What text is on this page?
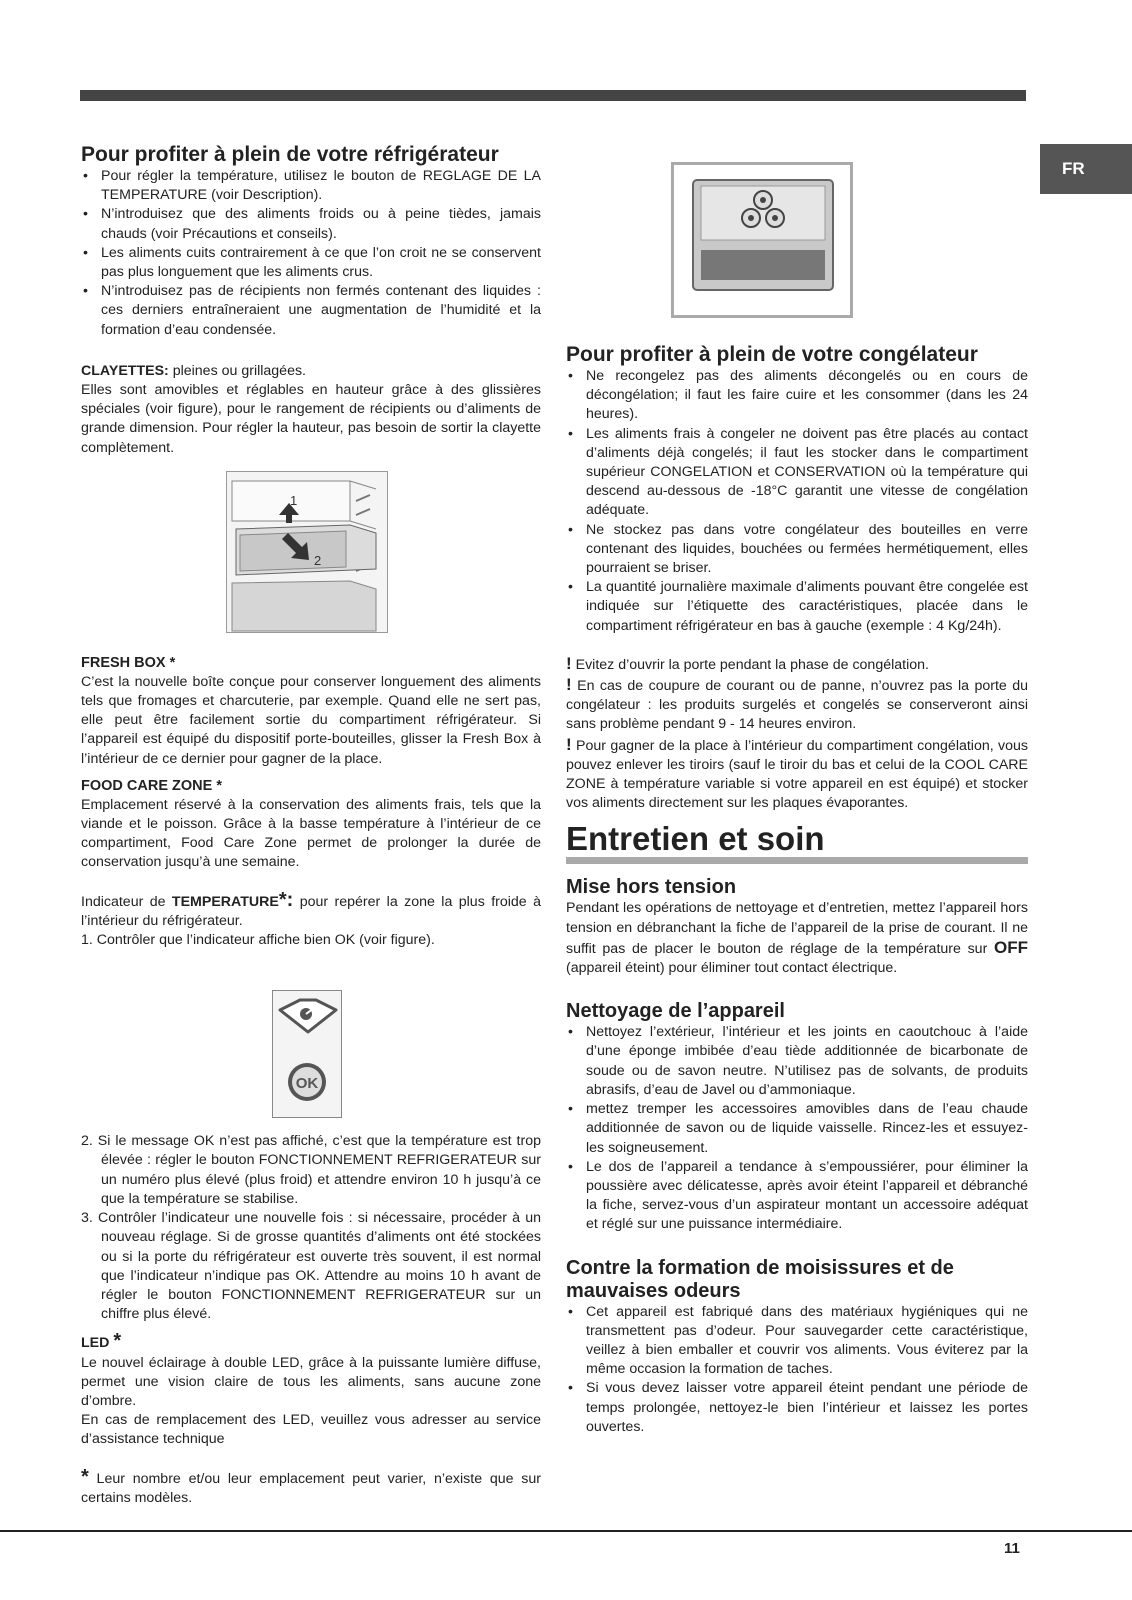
FR
Pour profiter à plein de votre réfrigérateur
• Pour régler la température, utilisez le bouton de REGLAGE DE LA TEMPERATURE (voir Description).
• N’introduisez que des aliments froids ou à peine tièdes, jamais chauds (voir Précautions et conseils).
• Les aliments cuits contrairement à ce que l’on croit ne se conservent pas plus longuement que les aliments crus.
• N’introduisez pas de récipients non fermés contenant des liquides : ces derniers entraîneraient une augmentation de l’humidité et la formation d’eau condensée.

CLAYETTES: pleines ou grillagées.

Elles sont amovibles et réglables en hauteur grâce à des glissières spéciales (voir figure), pour le rangement de récipients ou d’aliments de grande dimension. Pour régler la hauteur, pas besoin de sortir la clayette complètement.

FRESH BOX *

C’est la nouvelle boîte conçue pour conserver longuement des aliments tels que fromages et charcuterie, par exemple. Quand elle ne sert pas, elle peut être facilement sortie du compartiment réfrigérateur. Si l’appareil est équipé du dispositif porte-bouteilles, glisser la Fresh Box à l’intérieur de ce dernier pour gagner de la place.

FOOD CARE ZONE *

Emplacement réservé à la conservation des aliments frais, tels que la viande et le poisson. Grâce à la basse température à l’intérieur de ce compartiment, Food Care Zone permet de prolonger la durée de conservation jusqu’à une semaine.

Indicateur de TEMPERATURE*: pour repérer la zone la plus froide à l’intérieur du réfrigérateur.

1. Contrôler que l’indicateur affiche bien OK (voir figure).

2. Si le message OK n’est pas affiché, c’est que la température est trop élevée : régler le bouton FONCTIONNEMENT REFRIGERATEUR sur un numéro plus élevé (plus froid) et attendre environ 10 h jusqu’à ce que la température se stabilise.
3. Contrôler l’indicateur une nouvelle fois : si nécessaire, procéder à un nouveau réglage. Si de grosse quantités d’aliments ont été stockées ou si la porte du réfrigérateur est ouverte très souvent, il est normal que l’indicateur n’indique pas OK. Attendre au moins 10 h avant de régler le bouton FONCTIONNEMENT REFRIGERATEUR sur un chiffre plus élevé.

LED *

Le nouvel éclairage à double LED, grâce à la puissante lumière diffuse, permet une vision claire de tous les aliments, sans aucune zone d’ombre.

En cas de remplacement des LED, veuillez vous adresser au service d’assistance technique

* Leur nombre et/ou leur emplacement peut varier, n’existe que sur certains modèles.

1
2
OK
Pour profiter à plein de votre congélateur
• Ne recongelez pas des aliments décongelés ou en cours de décongélation; il faut les faire cuire et les consommer (dans les 24 heures).
• Les aliments frais à congeler ne doivent pas être placés au contact d’aliments déjà congelés; il faut les stocker dans le compartiment supérieur CONGELATION et CONSERVATION où la température qui descend au-dessous de -18°C garantit une vitesse de congélation adéquate.
• Ne stockez pas dans votre congélateur des bouteilles en verre contenant des liquides, bouchées ou fermées hermétiquement, elles pourraient se briser.
• La quantité journalière maximale d’aliments pouvant être congelée est indiquée sur l’étiquette des caractéristiques, placée dans le compartiment réfrigérateur en bas à gauche (exemple : 4 Kg/24h).

! Evitez d’ouvrir la porte pendant la phase de congélation.

! En cas de coupure de courant ou de panne, n’ouvrez pas la porte du congélateur : les produits surgelés et congelés se conserveront ainsi sans problème pendant 9 - 14 heures environ.

! Pour gagner de la place à l’intérieur du compartiment congélation, vous pouvez enlever les tiroirs (sauf le tiroir du bas et celui de la COOL CARE ZONE à température variable si votre appareil en est équipé) et stocker vos aliments directement sur les plaques évaporantes.

Entretien et soin
Mise hors tension

Pendant les opérations de nettoyage et d’entretien, mettez l’appareil hors tension en débranchant la fiche de l’appareil de la prise de courant. Il ne suffit pas de placer le bouton de réglage de la température sur OFF (appareil éteint) pour éliminer tout contact électrique.

Nettoyage de l’appareil
• Nettoyez l’extérieur, l’intérieur et les joints en caoutchouc à l’aide d’une éponge imbibée d’eau tiède additionnée de bicarbonate de soude ou de savon neutre. N’utilisez pas de solvants, de produits abrasifs, d’eau de Javel ou d’ammoniaque.
• mettez tremper les accessoires amovibles dans de l’eau chaude additionnée de savon ou de liquide vaisselle. Rincez-les et essuyez-les soigneusement.
• Le dos de l’appareil a tendance à s’empoussiérer, pour éliminer la poussière avec délicatesse, après avoir éteint l’appareil et débranché la fiche, servez-vous d’un aspirateur montant un accessoire adéquat et réglé sur une puissance intermédiaire.
Contre la formation de moisissures et de mauvaises odeurs
• Cet appareil est fabriqué dans des matériaux hygiéniques qui ne transmettent pas d’odeur. Pour sauvegarder cette caractéristique, veillez à bien emballer et couvrir vos aliments. Vous éviterez par la même occasion la formation de taches.
• Si vous devez laisser votre appareil éteint pendant une période de temps prolongée, nettoyez-le bien l’intérieur et laissez les portes ouvertes.
11
